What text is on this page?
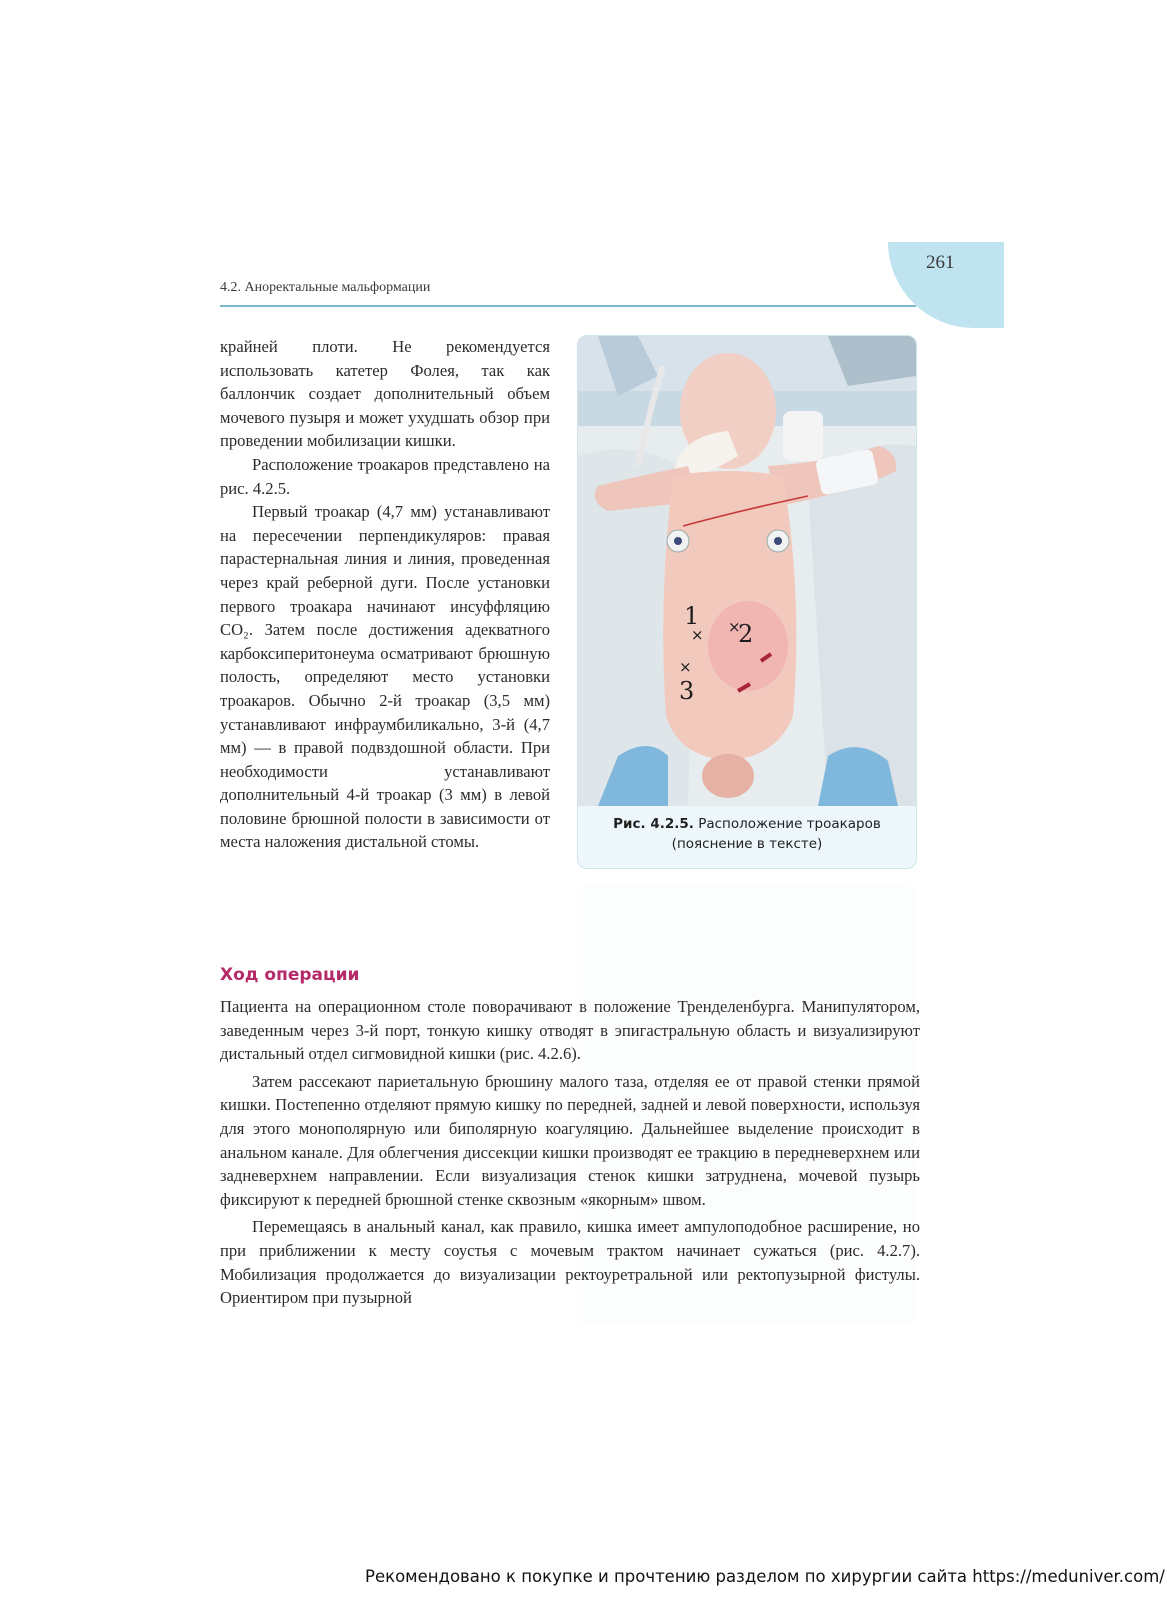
261
4.2. Аноректальные мальформации

крайней плоти. Не рекомендуется использовать катетер Фолея, так как баллончик создает дополнительный объем мочевого пузыря и может ухудшать обзор при проведении мобилизации кишки.

Расположение троакаров представлено на рис. 4.2.5.

Первый троакар (4,7 мм) устанавливают на пересечении перпендикуляров: правая парастернальная линия и линия, проведенная через край реберной дуги. После установки первого троакара начинают инсуффляцию CO₂. Затем после достижения адекватного карбоксиперитонеума осматривают брюшную полость, определяют место установки троакаров. Обычно 2-й троакар (3,5 мм) устанавливают инфраумбиликально, 3-й (4,7 мм) — в правой подвздошной области. При необходимости устанавливают дополнительный 4-й троакар (3 мм) в левой половине брюшной полости в зависимости от места наложения дистальной стомы.

1
× ×
2
×
3
Рис. 4.2.5. Расположение троакаров
(пояснение в тексте)
Ход операции

Пациента на операционном столе поворачивают в положение Тренделенбурга. Манипулятором, заведенным через 3-й порт, тонкую кишку отводят в эпигастральную область и визуализируют дистальный отдел сигмовидной кишки (рис. 4.2.6).

Затем рассекают париетальную брюшину малого таза, отделяя ее от правой стенки прямой кишки. Постепенно отделяют прямую кишку по передней, задней и левой поверхности, используя для этого монополярную или биполярную коагуляцию. Дальнейшее выделение происходит в анальном канале. Для облегчения диссекции кишки производят ее тракцию в передневерхнем или задневерхнем направлении. Если визуализация стенок кишки затруднена, мочевой пузырь фиксируют к передней брюшной стенке сквозным «якорным» швом.

Перемещаясь в анальный канал, как правило, кишка имеет ампулоподобное расширение, но при приближении к месту соустья с мочевым трактом начинает сужаться (рис. 4.2.7). Мобилизация продолжается до визуализации ректоуретральной или ректопузырной фистулы. Ориентиром при пузырной

Рекомендовано к покупке и прочтению разделом по хирургии сайта https://meduniver.com/
